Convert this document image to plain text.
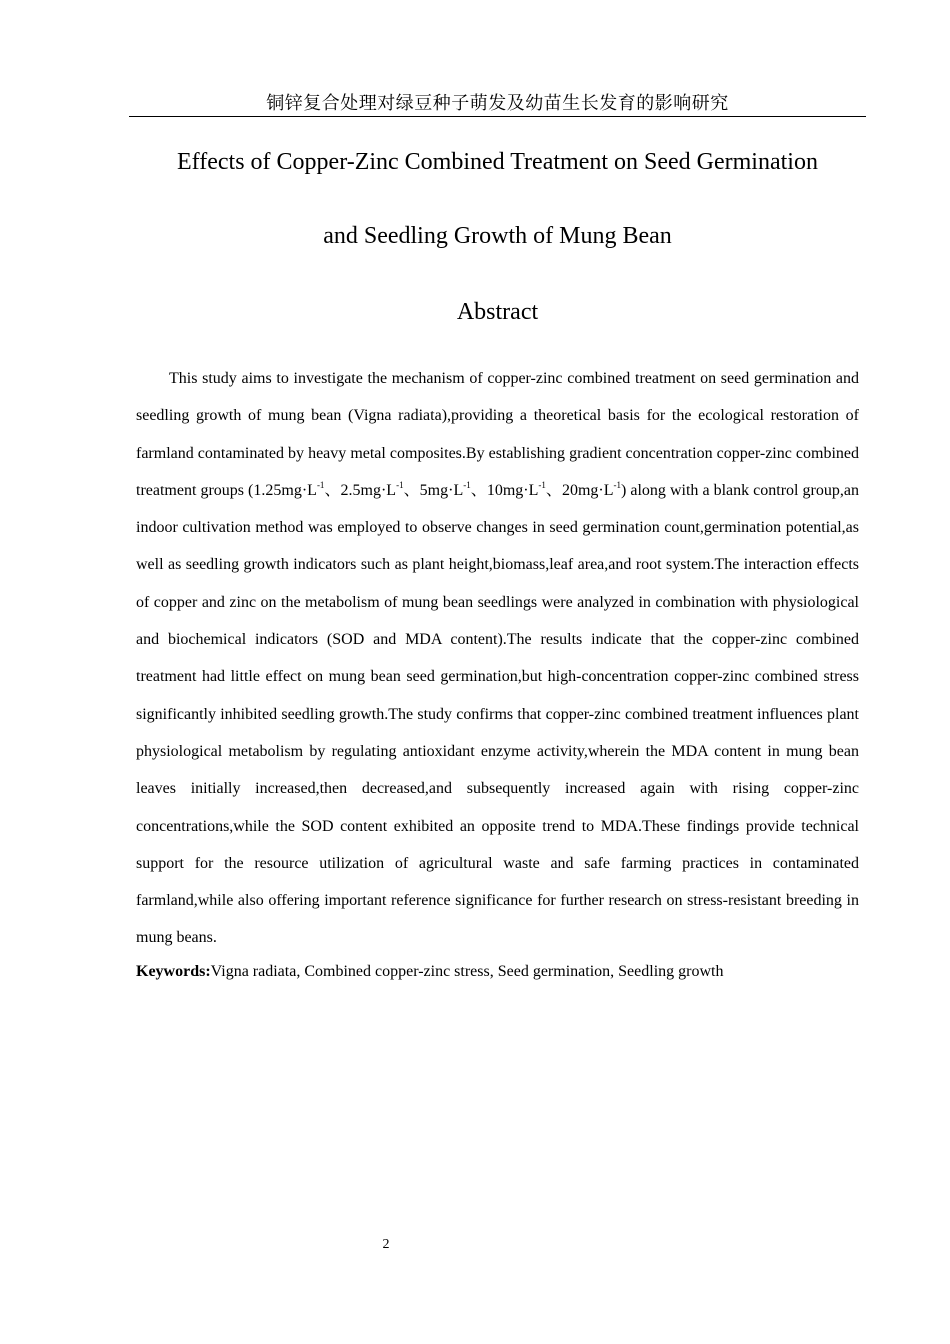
铜锌复合处理对绿豆种子萌发及幼苗生长发育的影响研究
Effects of Copper-Zinc Combined Treatment on Seed Germination
and Seedling Growth of Mung Bean
Abstract

This study aims to investigate the mechanism of copper-zinc combined treatment on seed germination and seedling growth of mung bean (Vigna radiata),providing a theoretical basis for the ecological restoration of farmland contaminated by heavy metal composites.By establishing gradient concentration copper-zinc combined treatment groups ($1.25mg\cdot L^{-1}$、$2.5mg\cdot L^{-1}$、$5mg\cdot L^{-1}$、$10mg\cdot L^{-1}$、$20mg\cdot L^{-1}$) along with a blank control group,an indoor cultivation method was employed to observe changes in seed germination count,germination potential,as well as seedling growth indicators such as plant height,biomass,leaf area,and root system.The interaction effects of copper and zinc on the metabolism of mung bean seedlings were analyzed in combination with physiological and biochemical indicators (SOD and MDA content).The results indicate that the copper-zinc combined treatment had little effect on mung bean seed germination,but high-concentration copper-zinc combined stress significantly inhibited seedling growth.The study confirms that copper-zinc combined treatment influences plant physiological metabolism by regulating antioxidant enzyme activity,wherein the MDA content in mung bean leaves initially increased,then decreased,and subsequently increased again with rising copper-zinc concentrations,while the SOD content exhibited an opposite trend to MDA.These findings provide technical support for the resource utilization of agricultural waste and safe farming practices in contaminated farmland,while also offering important reference significance for further research on stress-resistant breeding in mung beans.

Keywords:Vigna radiata, Combined copper-zinc stress, Seed germination, Seedling growth

2
